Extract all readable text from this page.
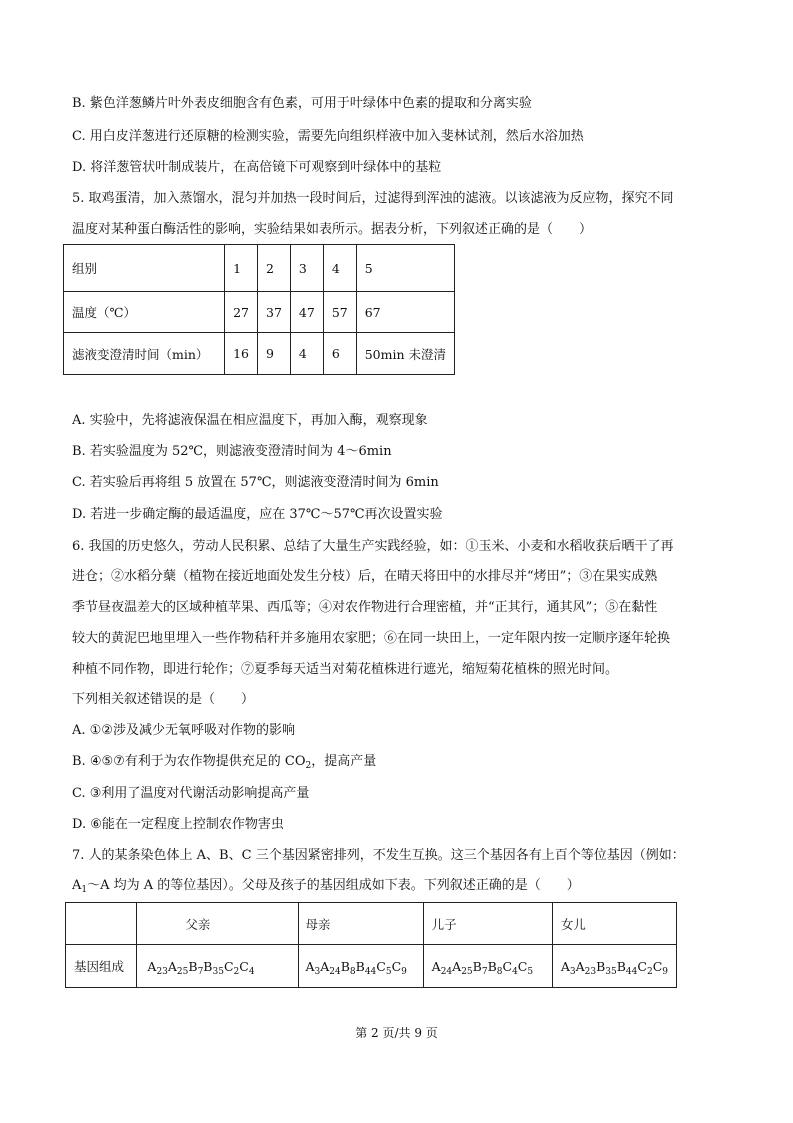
B. 紫色洋葱鳞片叶外表皮细胞含有色素，可用于叶绿体中色素的提取和分离实验
C. 用白皮洋葱进行还原糖的检测实验，需要先向组织样液中加入斐林试剂，然后水浴加热
D. 将洋葱管状叶制成装片，在高倍镜下可观察到叶绿体中的基粒
5. 取鸡蛋清，加入蒸馏水，混匀并加热一段时间后，过滤得到浑浊的滤液。以该滤液为反应物，探究不同
温度对某种蛋白酶活性的影响，实验结果如表所示。据表分析，下列叙述正确的是（　　）
组别	1	2	3	4	5
温度（℃）	27	37	47	57	67
滤液变澄清时间（min）	16	9	4	6	50min 未澄清
A. 实验中，先将滤液保温在相应温度下，再加入酶，观察现象
B. 若实验温度为 52℃，则滤液变澄清时间为 4～6min
C. 若实验后再将组 5 放置在 57℃，则滤液变澄清时间为 6min
D. 若进一步确定酶的最适温度，应在 37℃～57℃再次设置实验
6. 我国的历史悠久，劳动人民积累、总结了大量生产实践经验，如：①玉米、小麦和水稻收获后晒干了再
进仓；②水稻分蘖（植物在接近地面处发生分枝）后，在晴天将田中的水排尽并“烤田”；③在果实成熟
季节昼夜温差大的区域种植苹果、西瓜等；④对农作物进行合理密植，并“正其行，通其风”；⑤在黏性
较大的黄泥巴地里埋入一些作物秸秆并多施用农家肥；⑥在同一块田上，一定年限内按一定顺序逐年轮换
种植不同作物，即进行轮作；⑦夏季每天适当对菊花植株进行遮光，缩短菊花植株的照光时间。
下列相关叙述错误的是（　　）
A. ①②涉及减少无氧呼吸对作物的影响
B. ④⑤⑦有利于为农作物提供充足的 $CO_2$，提高产量
C. ③利用了温度对代谢活动影响提高产量
D. ⑥能在一定程度上控制农作物害虫
7. 人的某条染色体上 A、B、C 三个基因紧密排列，不发生互换。这三个基因各有上百个等位基因（例如：
$A_1\sim A$ 均为 A 的等位基因）。父母及孩子的基因组成如下表。下列叙述正确的是（　　）
	父亲	母亲	儿子	女儿
基因组成	$A_{23}A_{25}B_7B_{35}C_2C_4$	$A_3A_{24}B_8B_{44}C_5C_9$	$A_{24}A_{25}B_7B_8C_4C_5$	$A_3A_{23}B_{35}B_{44}C_2C_9$
第 2 页/共 9 页
